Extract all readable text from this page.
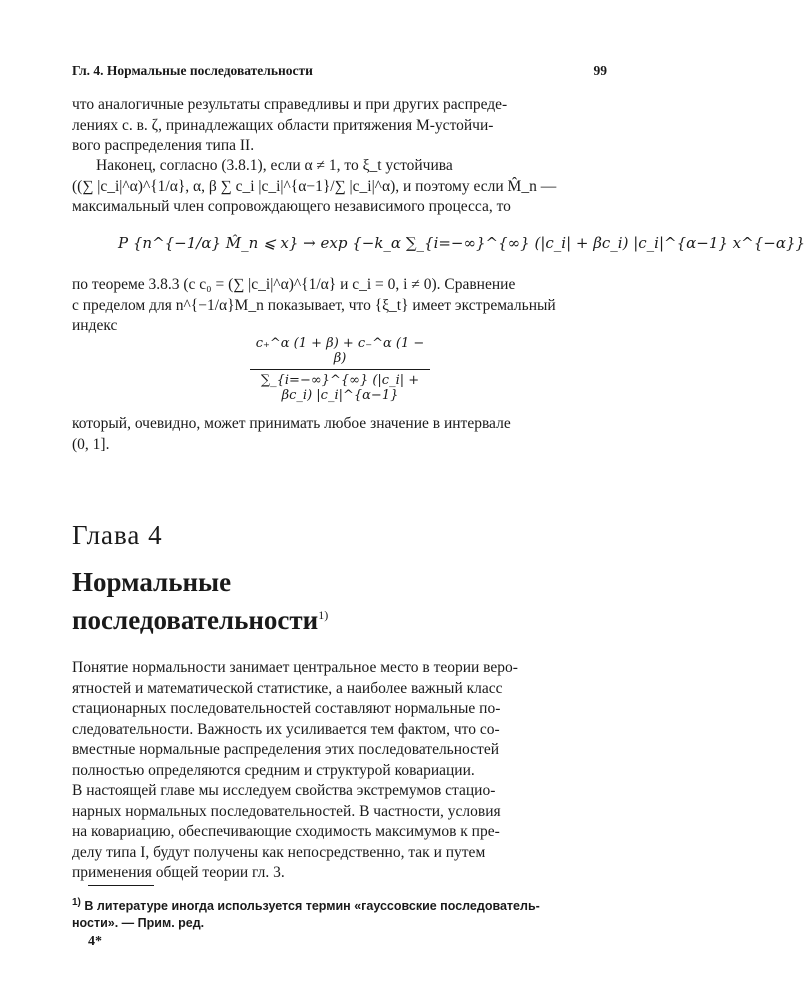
Гл. 4. Нормальные последовательности	99
что аналогичные результаты справедливы и при других распреде-
лениях с. в. ζ, принадлежащих области притяжения M-устойчи-
вого распределения типа II.
Наконец, согласно (3.8.1), если α ≠ 1, то ξ_t устойчива
((∑ |c_i|^α)^{1/α}, α, β ∑ c_i |c_i|^{α−1}/∑ |c_i|^α), и поэтому если M̂_n —
максимальный член сопровождающего независимого процесса, то
P {n^{−1/α} M̂_n ⩽ x} → exp {−k_α ∑_{i=−∞}^{∞} (|c_i| + βc_i) |c_i|^{α−1} x^{−α}}
по теореме 3.8.3 (с c₀ = (∑ |c_i|^α)^{1/α} и c_i = 0, i ≠ 0). Сравнение
с пределом для n^{−1/α}M_n показывает, что {ξ_t} имеет экстремальный
индекс
$\frac{c_+\^{}\alpha (1 + \beta) + c_-\^{}\alpha (1 - \beta)}{\sum\_\{i=-\infty\}\^{}\{\infty\} (|c\_i| + \beta c\_i) |c\_i|\^{}\{\alpha-1\}}$
который, очевидно, может принимать любое значение в интервале
(0, 1].
Глава 4
Нормальные
последовательности$^{1)}$
Понятие нормальности занимает центральное место в теории веро-
ятностей и математической статистике, а наиболее важный класс
стационарных последовательностей составляют нормальные по-
следовательности. Важность их усиливается тем фактом, что со-
вместные нормальные распределения этих последовательностей
полностью определяются средним и структурой ковариации.
В настоящей главе мы исследуем свойства экстремумов стацио-
нарных нормальных последовательностей. В частности, условия
на ковариацию, обеспечивающие сходимость максимумов к пре-
делу типа I, будут получены как непосредственно, так и путем
применения общей теории гл. 3.
$^{1)}$ В литературе иногда используется термин «гауссовские последователь-
ности». — Прим. ред.
4*
